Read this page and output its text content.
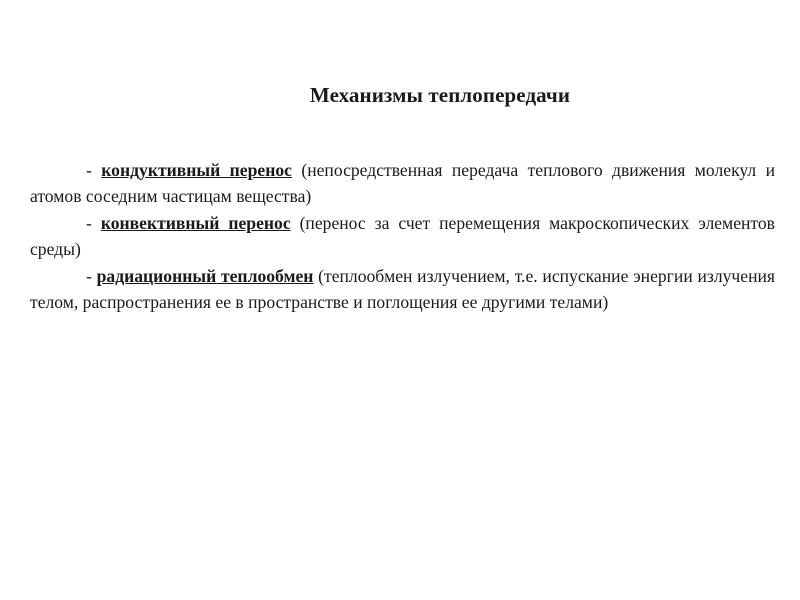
Механизмы теплопередачи

- кондуктивный перенос (непосредственная передача теплового движения молекул и атомов соседним частицам вещества)

- конвективный перенос (перенос за счет перемещения макроскопических элементов среды)

- радиационный теплообмен (теплообмен излучением, т.е. испускание энергии излучения телом, распространения ее в пространстве и поглощения ее другими телами)
